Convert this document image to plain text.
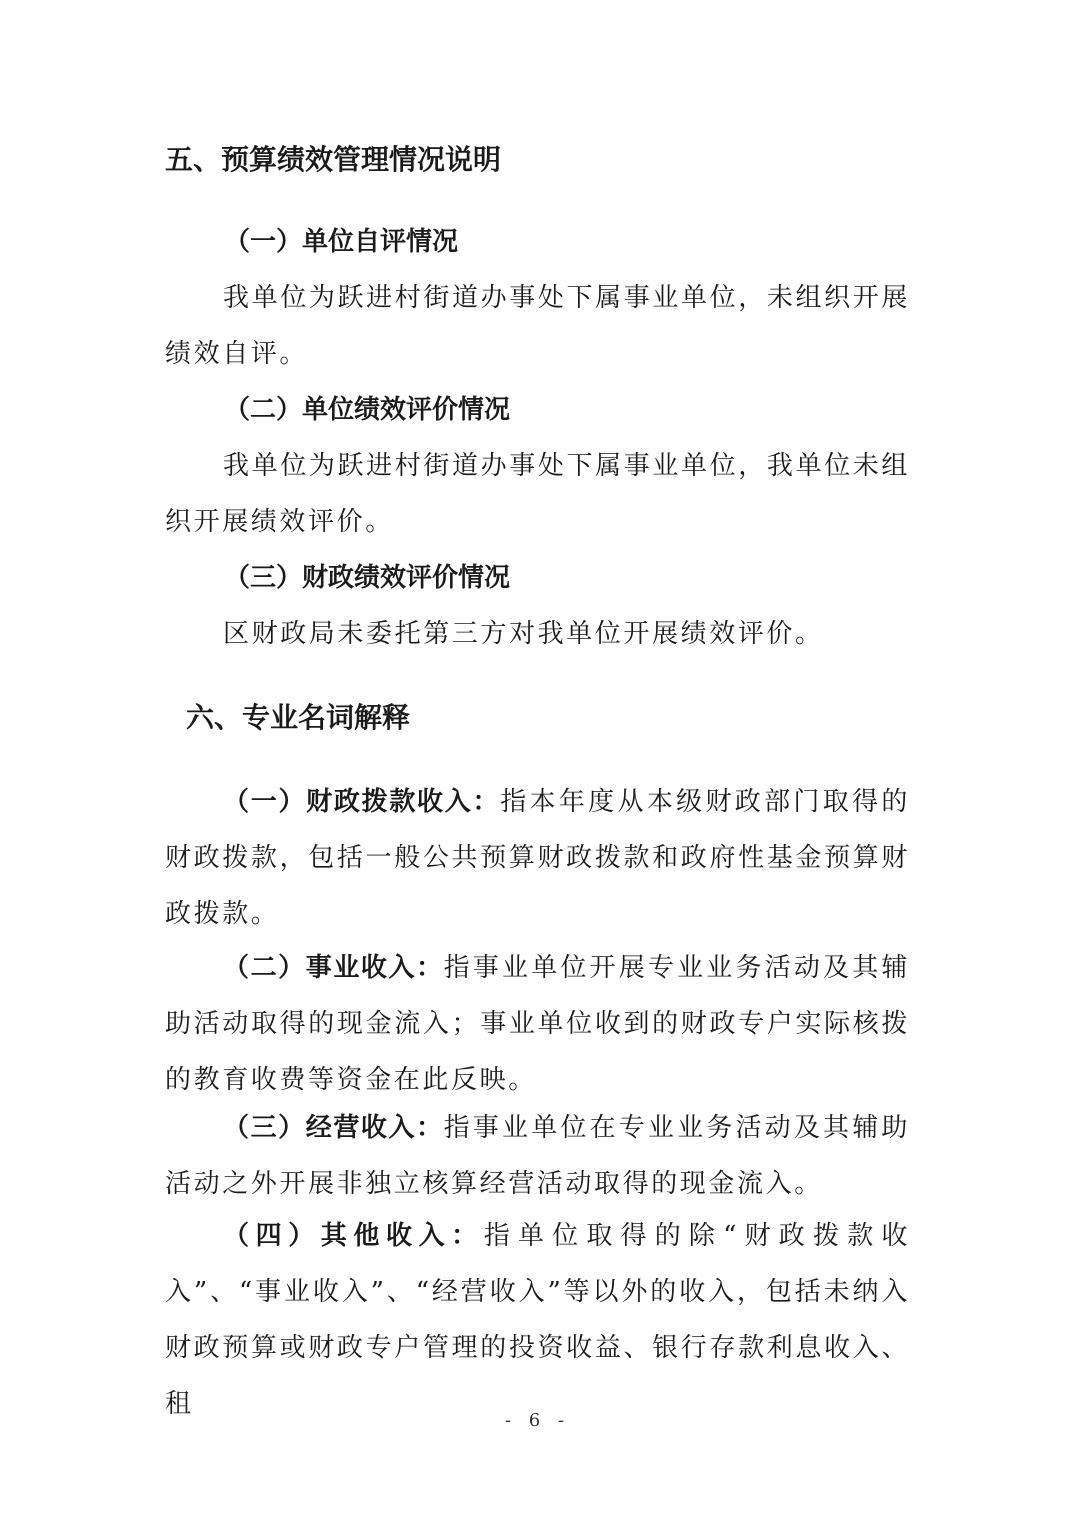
五、预算绩效管理情况说明
（一）单位自评情况

我单位为跃进村街道办事处下属事业单位，未组织开展绩效自评。

（二）单位绩效评价情况

我单位为跃进村街道办事处下属事业单位，我单位未组织开展绩效评价。

（三）财政绩效评价情况

区财政局未委托第三方对我单位开展绩效评价。

六、专业名词解释

（一）财政拨款收入：指本年度从本级财政部门取得的财政拨款，包括一般公共预算财政拨款和政府性基金预算财政拨款。

（二）事业收入：指事业单位开展专业业务活动及其辅助活动取得的现金流入；事业单位收到的财政专户实际核拨的教育收费等资金在此反映。

（三）经营收入：指事业单位在专业业务活动及其辅助活动之外开展非独立核算经营活动取得的现金流入。

（四）其他收入：指单位取得的除“财政拨款收入”、“事业收入”、“经营收入”等以外的收入，包括未纳入财政预算或财政专户管理的投资收益、银行存款利息收入、租

- 6 -
